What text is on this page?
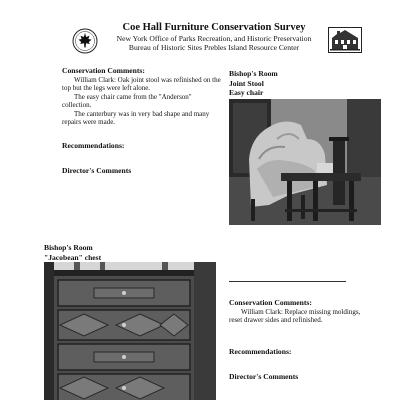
Coe Hall Furniture Conservation Survey
New York Office of Parks Recreation, and Historic Preservation
Bureau of Historic Sites Prebles Island Resource Center
Conservation Comments:
William Clark: Oak joint stool was refinished on the top but the legs were left alone.
The easy chair came from the "Anderson" collection.
The canterbury was in very bad shape and many repairs were made.
Recommendations:
Director's Comments
Bishop's Room
Joint Stool
Easy chair
Conservation Comments:
William Clark: Replace missing moldings, reset drawer sides and refinished.
Recommendations:
Director's Comments
Bishop's Room
"Jacobean" chest
